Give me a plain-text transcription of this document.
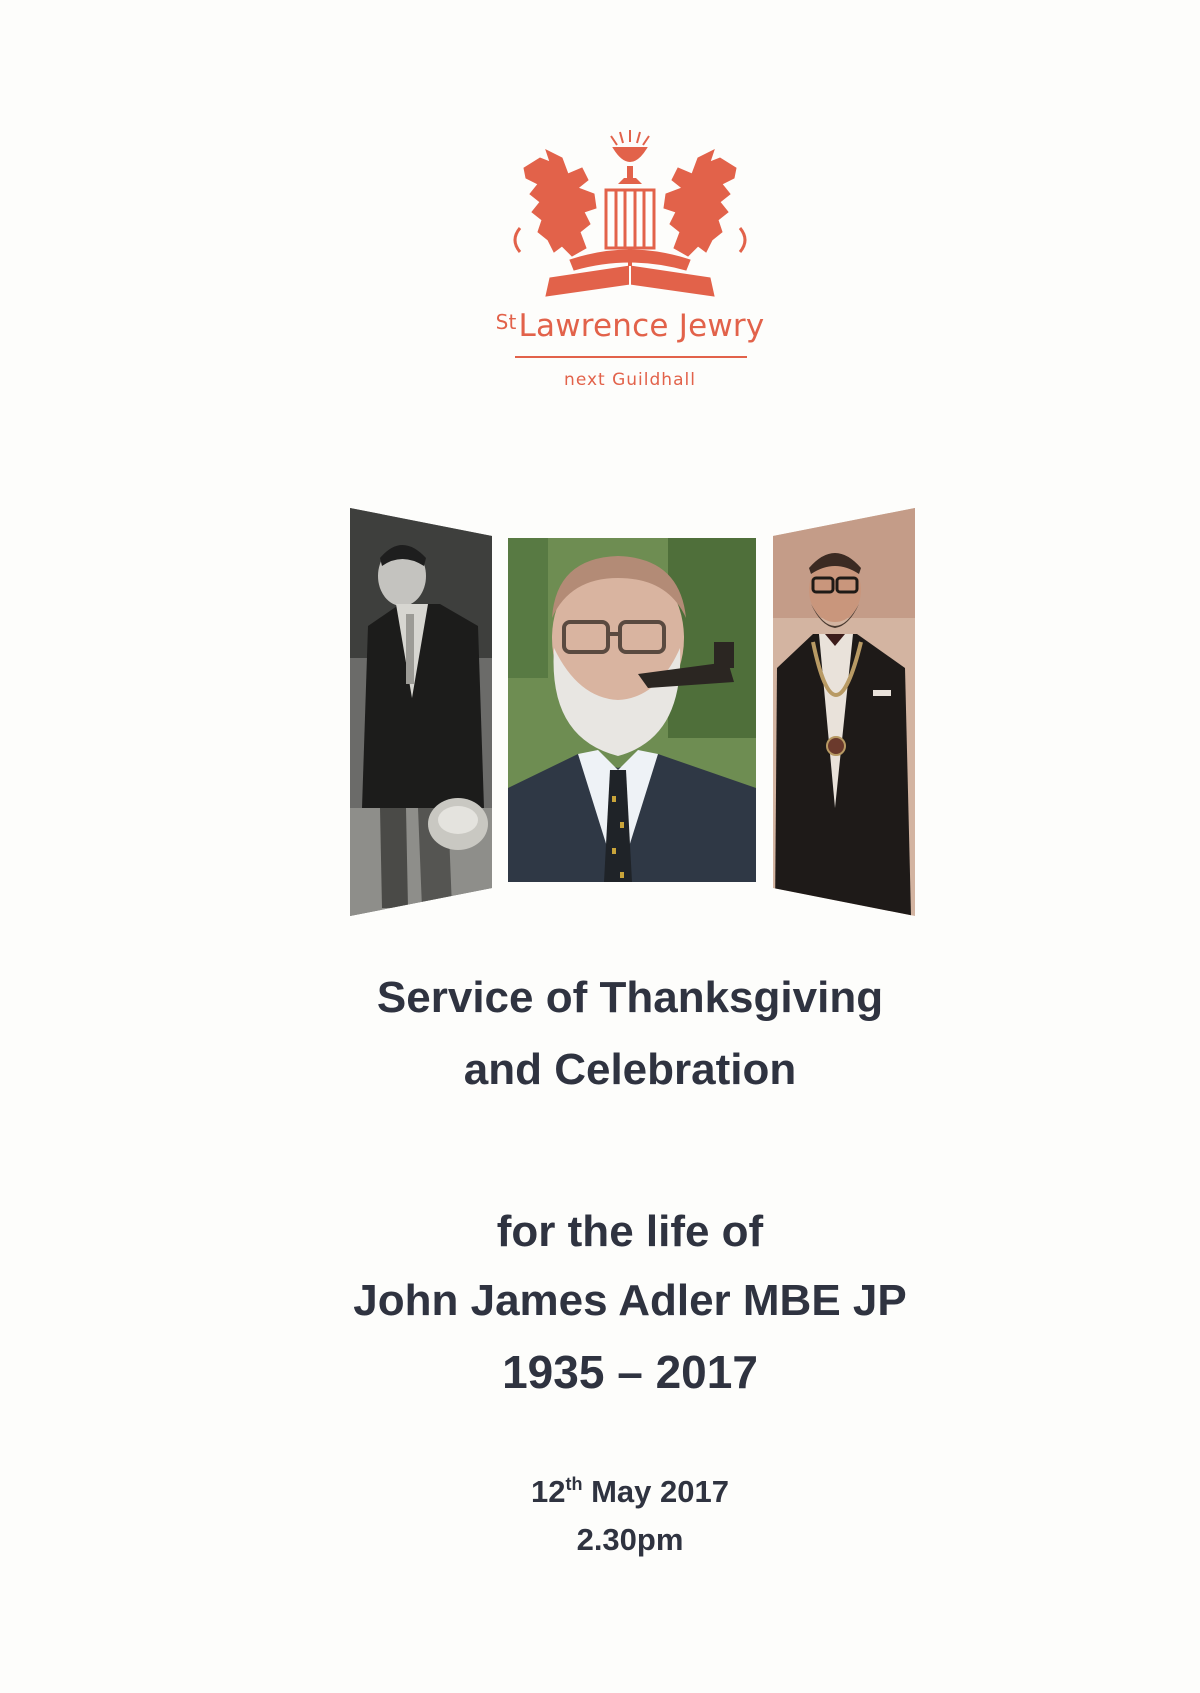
$^{St}$Lawrence Jewry
next Guildhall
Service of Thanksgiving
and Celebration
for the life of
John James Adler MBE JP
1935 – 2017
12th May 2017
2.30pm
